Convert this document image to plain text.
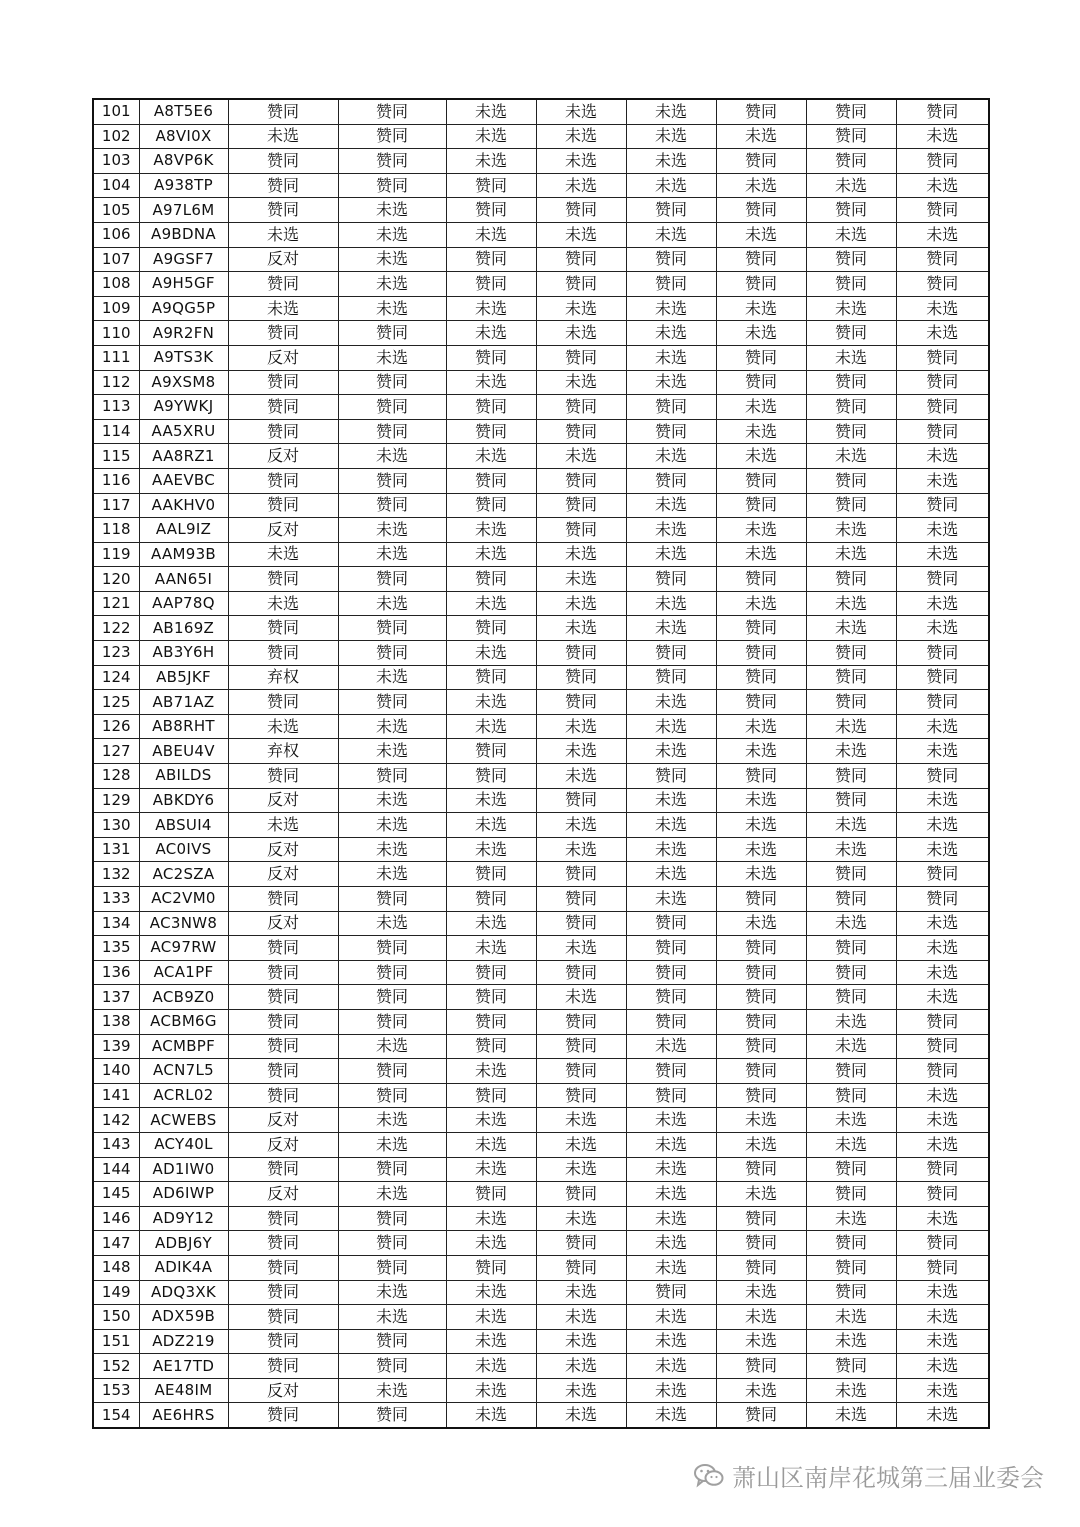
101	A8T5E6	赞同	赞同	未选	未选	未选	赞同	赞同	赞同
102	A8VI0X	未选	赞同	未选	未选	未选	未选	赞同	未选
103	A8VP6K	赞同	赞同	未选	未选	未选	赞同	赞同	赞同
104	A938TP	赞同	赞同	赞同	未选	未选	未选	未选	未选
105	A97L6M	赞同	未选	赞同	赞同	赞同	赞同	赞同	赞同
106	A9BDNA	未选	未选	未选	未选	未选	未选	未选	未选
107	A9GSF7	反对	未选	赞同	赞同	赞同	赞同	赞同	赞同
108	A9H5GF	赞同	未选	赞同	赞同	赞同	赞同	赞同	赞同
109	A9QG5P	未选	未选	未选	未选	未选	未选	未选	未选
110	A9R2FN	赞同	赞同	未选	未选	未选	未选	赞同	未选
111	A9TS3K	反对	未选	赞同	赞同	未选	赞同	未选	赞同
112	A9XSM8	赞同	赞同	未选	未选	未选	赞同	赞同	赞同
113	A9YWKJ	赞同	赞同	赞同	赞同	赞同	未选	赞同	赞同
114	AA5XRU	赞同	赞同	赞同	赞同	赞同	未选	赞同	赞同
115	AA8RZ1	反对	未选	未选	未选	未选	未选	未选	未选
116	AAEVBC	赞同	赞同	赞同	赞同	赞同	赞同	赞同	未选
117	AAKHV0	赞同	赞同	赞同	赞同	未选	赞同	赞同	赞同
118	AAL9IZ	反对	未选	未选	赞同	未选	未选	未选	未选
119	AAM93B	未选	未选	未选	未选	未选	未选	未选	未选
120	AAN65I	赞同	赞同	赞同	未选	赞同	赞同	赞同	赞同
121	AAP78Q	未选	未选	未选	未选	未选	未选	未选	未选
122	AB169Z	赞同	赞同	赞同	未选	未选	赞同	未选	未选
123	AB3Y6H	赞同	赞同	未选	赞同	赞同	赞同	赞同	赞同
124	AB5JKF	弃权	未选	赞同	赞同	赞同	赞同	赞同	赞同
125	AB71AZ	赞同	赞同	未选	赞同	未选	赞同	赞同	赞同
126	AB8RHT	未选	未选	未选	未选	未选	未选	未选	未选
127	ABEU4V	弃权	未选	赞同	未选	未选	未选	未选	未选
128	ABILDS	赞同	赞同	赞同	未选	赞同	赞同	赞同	赞同
129	ABKDY6	反对	未选	未选	赞同	未选	未选	赞同	未选
130	ABSUI4	未选	未选	未选	未选	未选	未选	未选	未选
131	AC0IVS	反对	未选	未选	未选	未选	未选	未选	未选
132	AC2SZA	反对	未选	赞同	赞同	未选	未选	赞同	赞同
133	AC2VM0	赞同	赞同	赞同	赞同	未选	赞同	赞同	赞同
134	AC3NW8	反对	未选	未选	赞同	赞同	未选	未选	未选
135	AC97RW	赞同	赞同	未选	未选	赞同	赞同	赞同	未选
136	ACA1PF	赞同	赞同	赞同	赞同	赞同	赞同	赞同	未选
137	ACB9Z0	赞同	赞同	赞同	未选	赞同	赞同	赞同	未选
138	ACBM6G	赞同	赞同	赞同	赞同	赞同	赞同	未选	赞同
139	ACMBPF	赞同	未选	赞同	赞同	未选	赞同	未选	赞同
140	ACN7L5	赞同	赞同	未选	赞同	赞同	赞同	赞同	赞同
141	ACRL02	赞同	赞同	赞同	赞同	赞同	赞同	赞同	未选
142	ACWEBS	反对	未选	未选	未选	未选	未选	未选	未选
143	ACY40L	反对	未选	未选	未选	未选	未选	未选	未选
144	AD1IW0	赞同	赞同	未选	未选	未选	赞同	赞同	赞同
145	AD6IWP	反对	未选	赞同	赞同	未选	未选	赞同	赞同
146	AD9Y12	赞同	赞同	未选	未选	未选	赞同	未选	未选
147	ADBJ6Y	赞同	赞同	未选	赞同	未选	赞同	赞同	赞同
148	ADIK4A	赞同	赞同	赞同	赞同	未选	赞同	赞同	赞同
149	ADQ3XK	赞同	未选	未选	未选	赞同	未选	赞同	未选
150	ADX59B	赞同	未选	未选	未选	未选	未选	未选	未选
151	ADZ219	赞同	赞同	未选	未选	未选	未选	未选	未选
152	AE17TD	赞同	赞同	未选	未选	未选	赞同	赞同	未选
153	AE48IM	反对	未选	未选	未选	未选	未选	未选	未选
154	AE6HRS	赞同	赞同	未选	未选	未选	赞同	未选	未选
萧山区南岸花城第三届业委会
